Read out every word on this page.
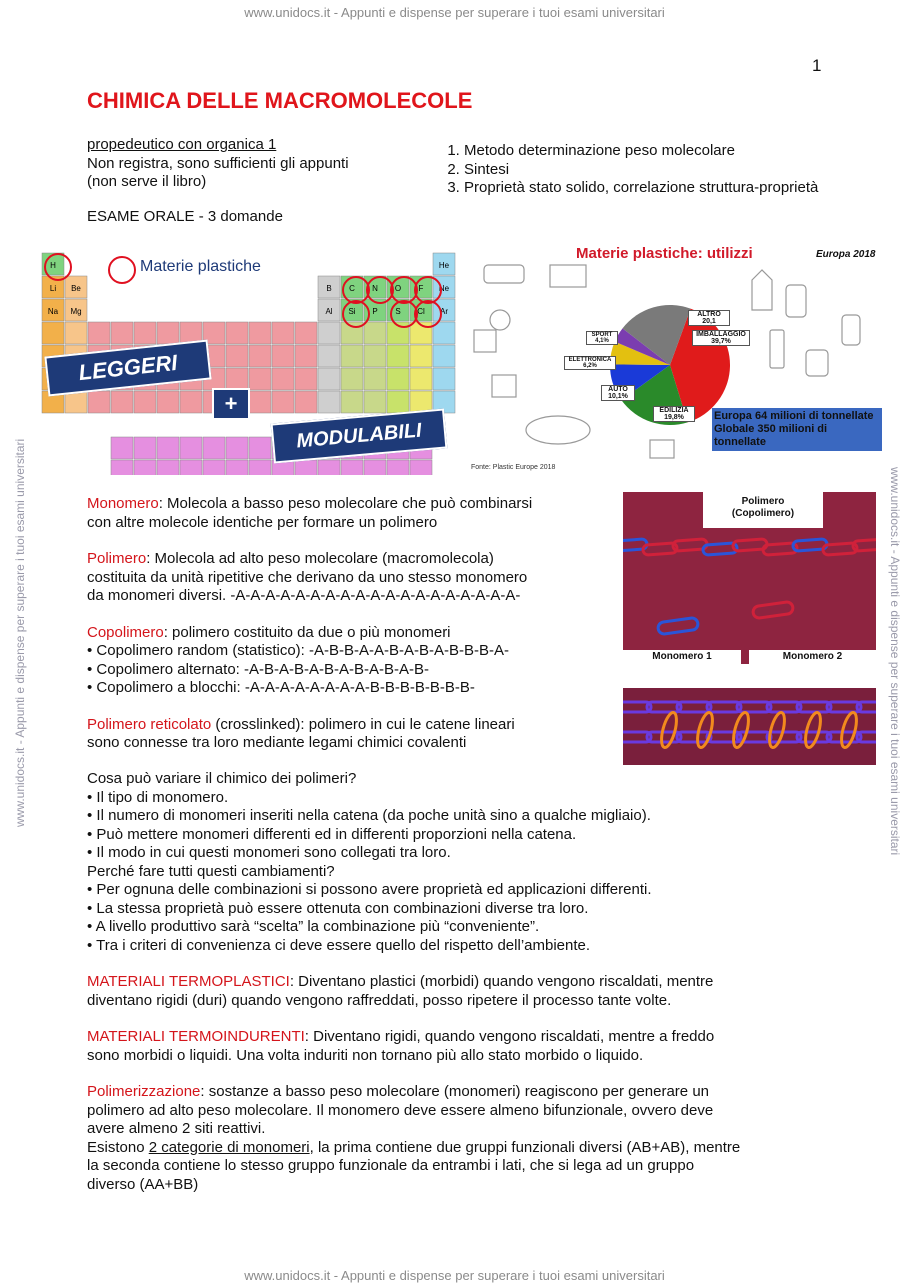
www.unidocs.it - Appunti e dispense per superare i tuoi esami universitari
www.unidocs.it - Appunti e dispense per superare i tuoi esami universitari
www.unidocs.it - Appunti e dispense per superare i tuoi esami universitari	www.unidocs.it - Appunti e dispense per superare i tuoi esami universitari
1
CHIMICA DELLE MACROMOLECOLE
propedeutico con organica 1
Non registra, sono sufficienti gli appunti
(non serve il libro)
ESAME ORALE - 3 domande
1. Metodo determinazione peso molecolare
2. Sintesi
3. Proprietà stato solido, correlazione struttura-proprietà
H	He
Li Be	B C N O F Ne
Na Mg	Al Si P S Cl Ar
Materie plastiche
LEGGERI
+
MODULABILI
Materie plastiche: utilizzi	Europa 2018
ALTRO
20,1
IMBALLAGGIO
39,7%
SPORT
4,1%
ELETTRONICA
6,2%
AUTO
10,1%
EDILIZIA
19,8%	Europa 64 milioni di tonnellate
Globale 350 milioni di tonnellate
Fonte: Plastic Europe 2018
Polimero
(Copolimero)
Monomero 1	Monomero 2
Monomero: Molecola a basso peso molecolare che può combinarsi
con altre molecole identiche per formare un polimero
Polimero: Molecola ad alto peso molecolare (macromolecola)
costituita da unità ripetitive che derivano da uno stesso monomero
da monomeri diversi. -A-A-A-A-A-A-A-A-A-A-A-A-A-A-A-A-A-A-A-
Copolimero: polimero costituito da due o più monomeri
• Copolimero random (statistico): -A-B-B-A-A-B-A-B-A-B-B-B-A-
• Copolimero alternato: -A-B-A-B-A-B-A-B-A-B-A-B-
• Copolimero a blocchi: -A-A-A-A-A-A-A-A-B-B-B-B-B-B-B-
Polimero reticolato (crosslinked): polimero in cui le catene lineari
sono connesse tra loro mediante legami chimici covalenti
Cosa può variare il chimico dei polimeri?
• Il tipo di monomero.
• Il numero di monomeri inseriti nella catena (da poche unità sino a qualche migliaio).
• Può mettere monomeri differenti ed in differenti proporzioni nella catena.
• Il modo in cui questi monomeri sono collegati tra loro.
Perché fare tutti questi cambiamenti?
• Per ognuna delle combinazioni si possono avere proprietà ed applicazioni differenti.
• La stessa proprietà può essere ottenuta con combinazioni diverse tra loro.
• A livello produttivo sarà “scelta” la combinazione più “conveniente”.
• Tra i criteri di convenienza ci deve essere quello del rispetto dell’ambiente.
MATERIALI TERMOPLASTICI: Diventano plastici (morbidi) quando vengono riscaldati, mentre
diventano rigidi (duri) quando vengono raffreddati, posso ripetere il processo tante volte.
MATERIALI TERMOINDURENTI: Diventano rigidi, quando vengono riscaldati, mentre a freddo
sono morbidi o liquidi. Una volta induriti non tornano più allo stato morbido o liquido.
Polimerizzazione: sostanze a basso peso molecolare (monomeri) reagiscono per generare un
polimero ad alto peso molecolare. Il monomero deve essere almeno bifunzionale, ovvero deve
avere almeno 2 siti reattivi.
Esistono 2 categorie di monomeri, la prima contiene due gruppi funzionali diversi (AB+AB), mentre
la seconda contiene lo stesso gruppo funzionale da entrambi i lati, che si lega ad un gruppo
diverso (AA+BB)
